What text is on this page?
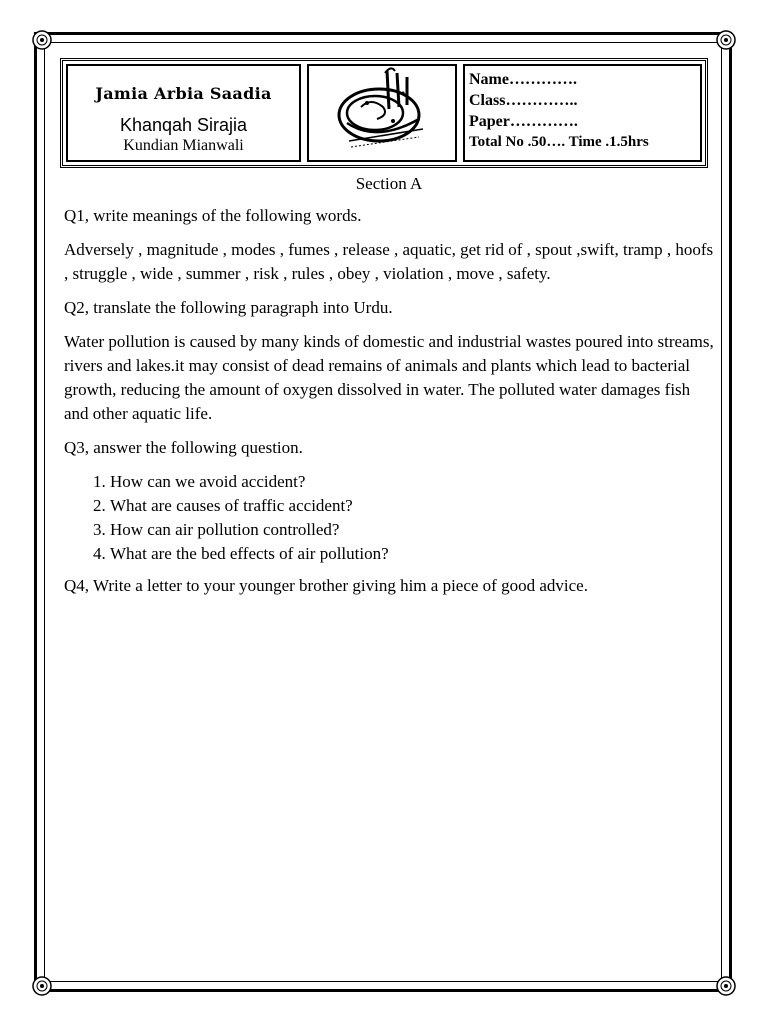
Jamia Arbia Saadia
Khanqah Sirajia
Kundian Mianwali
Name………….
Class…………..
Paper………….
Total No .50…. Time .1.5hrs
Section A

Q1, write meanings of the following words.

Adversely , magnitude , modes , fumes , release , aquatic, get rid of , spout ,swift, tramp , hoofs , struggle , wide , summer , risk , rules , obey , violation , move , safety.

Q2, translate the following paragraph into Urdu.

Water pollution is caused by many kinds of domestic and industrial wastes poured into streams, rivers and lakes.it may consist of dead remains of animals and plants which lead to bacterial growth, reducing the amount of oxygen dissolved in water. The polluted water damages fish and other aquatic life.

Q3, answer the following question.

1. How can we avoid accident?
2. What are causes of traffic accident?
3. How can air pollution controlled?
4. What are the bed effects of air pollution?

Q4, Write a letter to your younger brother giving him a piece of good advice.
